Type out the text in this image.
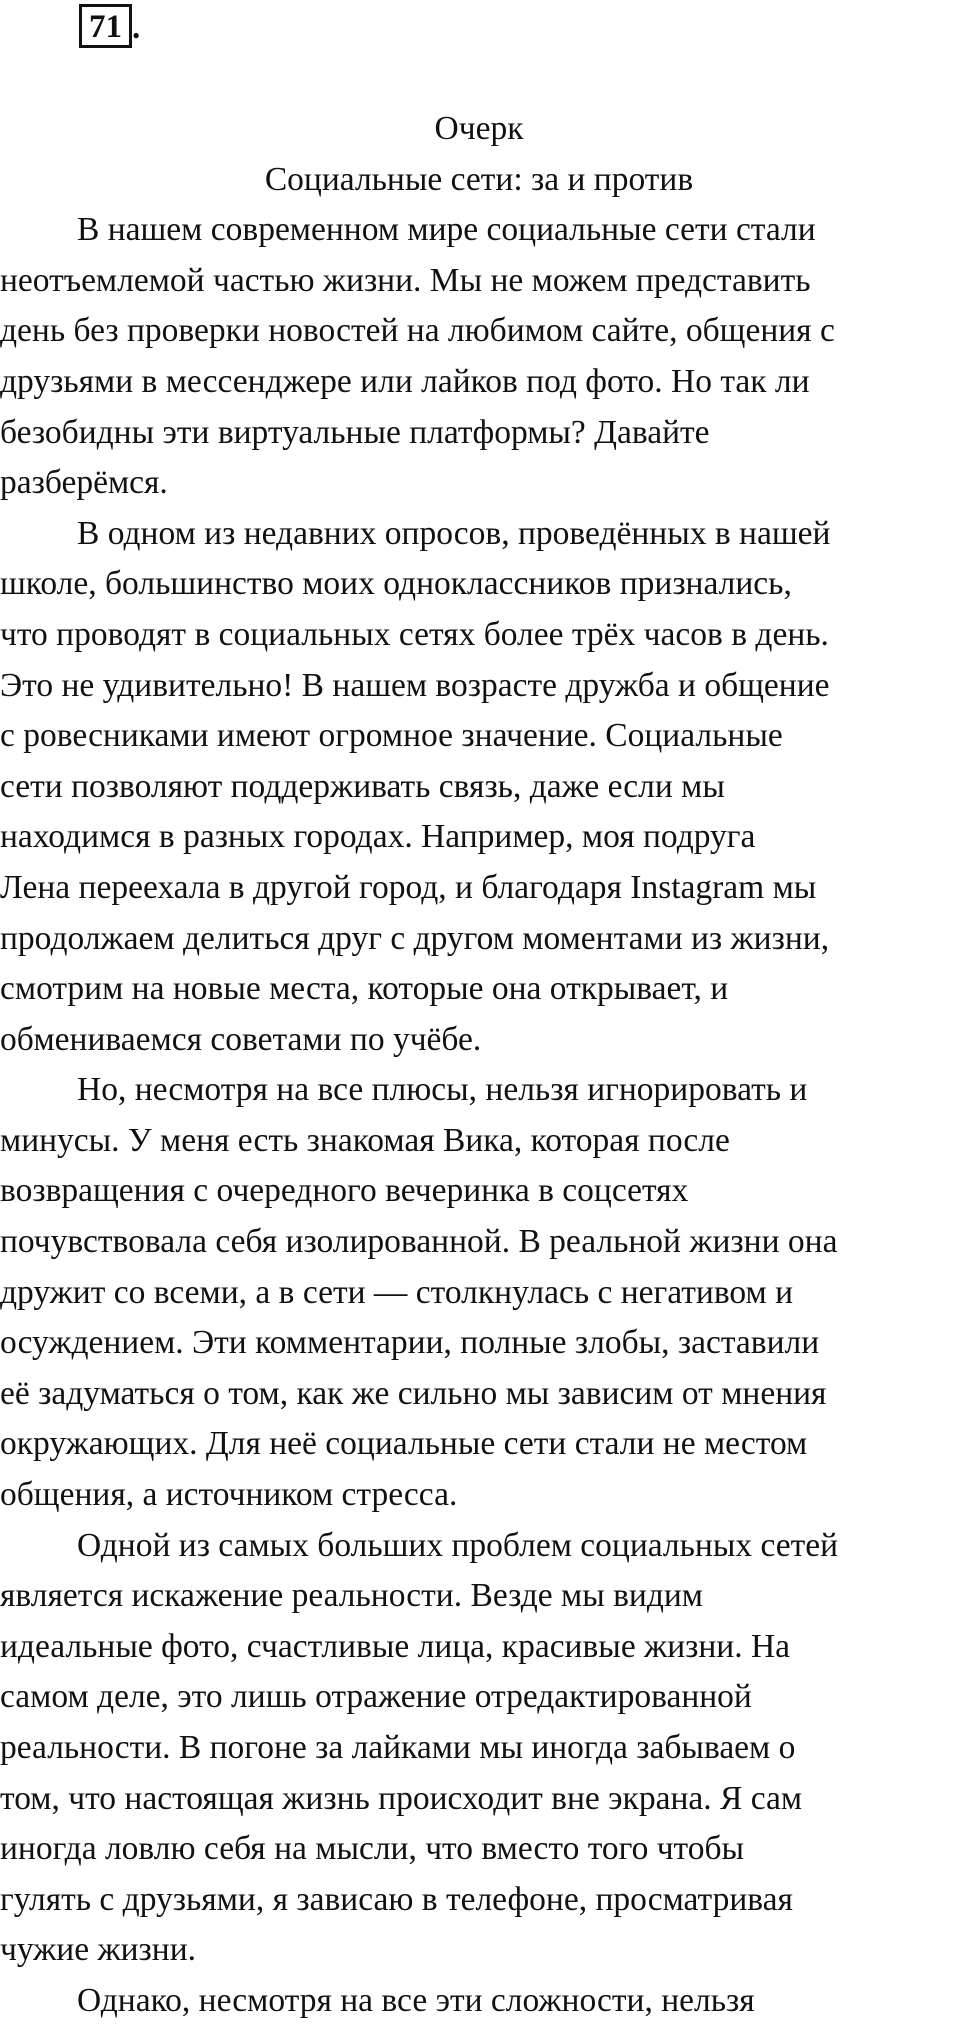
71 .

Очерк

Социальные сети: за и против

В нашем современном мире социальные сети стали
неотъемлемой частью жизни. Мы не можем представить
день без проверки новостей на любимом сайте, общения с
друзьями в мессенджере или лайков под фото. Но так ли
безобидны эти виртуальные платформы? Давайте
разберёмся.

В одном из недавних опросов, проведённых в нашей
школе, большинство моих одноклассников признались,
что проводят в социальных сетях более трёх часов в день.
Это не удивительно! В нашем возрасте дружба и общение
с ровесниками имеют огромное значение. Социальные
сети позволяют поддерживать связь, даже если мы
находимся в разных городах. Например, моя подруга
Лена переехала в другой город, и благодаря Instagram мы
продолжаем делиться друг с другом моментами из жизни,
смотрим на новые места, которые она открывает, и
обмениваемся советами по учёбе.

Но, несмотря на все плюсы, нельзя игнорировать и
минусы. У меня есть знакомая Вика, которая после
возвращения с очередного вечеринка в соцсетях
почувствовала себя изолированной. В реальной жизни она
дружит со всеми, а в сети — столкнулась с негативом и
осуждением. Эти комментарии, полные злобы, заставили
её задуматься о том, как же сильно мы зависим от мнения
окружающих. Для неё социальные сети стали не местом
общения, а источником стресса.

Одной из самых больших проблем социальных сетей
является искажение реальности. Везде мы видим
идеальные фото, счастливые лица, красивые жизни. На
самом деле, это лишь отражение отредактированной
реальности. В погоне за лайками мы иногда забываем о
том, что настоящая жизнь происходит вне экрана. Я сам
иногда ловлю себя на мысли, что вместо того чтобы
гулять с друзьями, я зависаю в телефоне, просматривая
чужие жизни.

Однако, несмотря на все эти сложности, нельзя
